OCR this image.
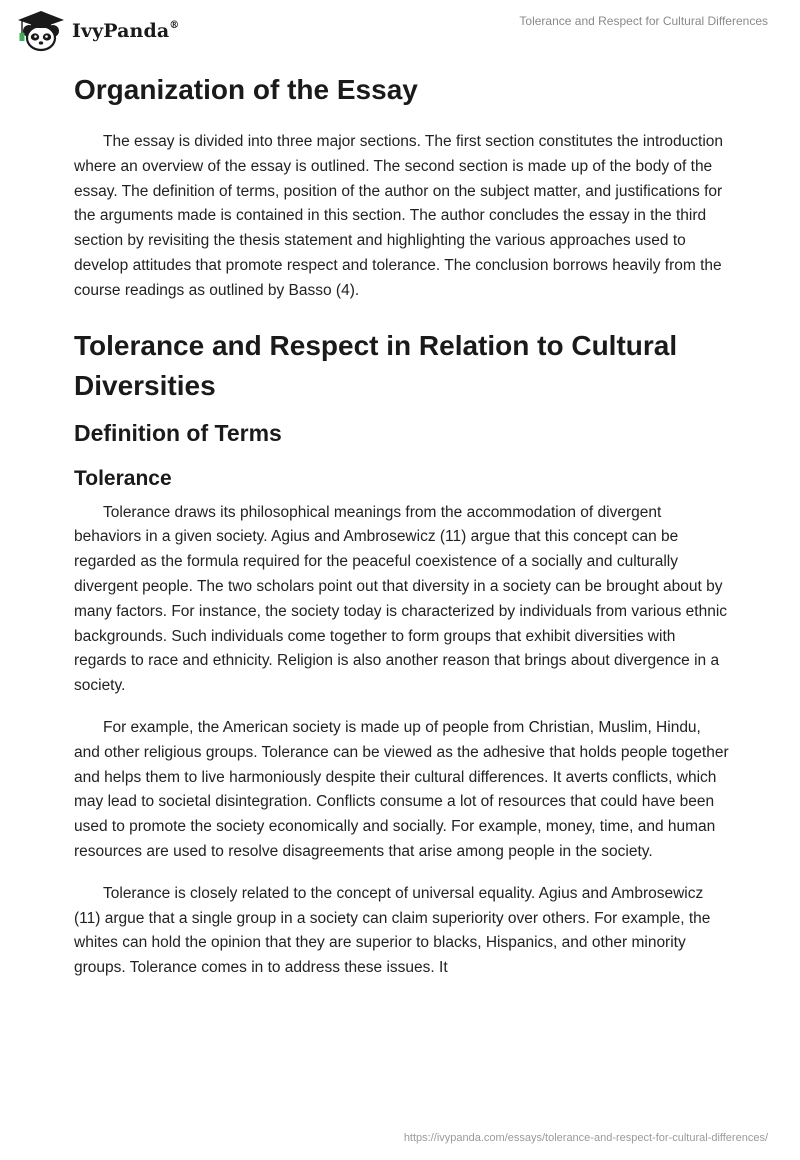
IvyPanda®	Tolerance and Respect for Cultural Differences
Organization of the Essay

The essay is divided into three major sections. The first section constitutes the introduction where an overview of the essay is outlined. The second section is made up of the body of the essay. The definition of terms, position of the author on the subject matter, and justifications for the arguments made is contained in this section. The author concludes the essay in the third section by revisiting the thesis statement and highlighting the various approaches used to develop attitudes that promote respect and tolerance. The conclusion borrows heavily from the course readings as outlined by Basso (4).

Tolerance and Respect in Relation to Cultural Diversities
Definition of Terms
Tolerance

Tolerance draws its philosophical meanings from the accommodation of divergent behaviors in a given society. Agius and Ambrosewicz (11) argue that this concept can be regarded as the formula required for the peaceful coexistence of a socially and culturally divergent people. The two scholars point out that diversity in a society can be brought about by many factors. For instance, the society today is characterized by individuals from various ethnic backgrounds. Such individuals come together to form groups that exhibit diversities with regards to race and ethnicity. Religion is also another reason that brings about divergence in a society.

For example, the American society is made up of people from Christian, Muslim, Hindu, and other religious groups. Tolerance can be viewed as the adhesive that holds people together and helps them to live harmoniously despite their cultural differences. It averts conflicts, which may lead to societal disintegration. Conflicts consume a lot of resources that could have been used to promote the society economically and socially. For example, money, time, and human resources are used to resolve disagreements that arise among people in the society.

Tolerance is closely related to the concept of universal equality. Agius and Ambrosewicz (11) argue that a single group in a society can claim superiority over others. For example, the whites can hold the opinion that they are superior to blacks, Hispanics, and other minority groups. Tolerance comes in to address these issues. It

https://ivypanda.com/essays/tolerance-and-respect-for-cultural-differences/
